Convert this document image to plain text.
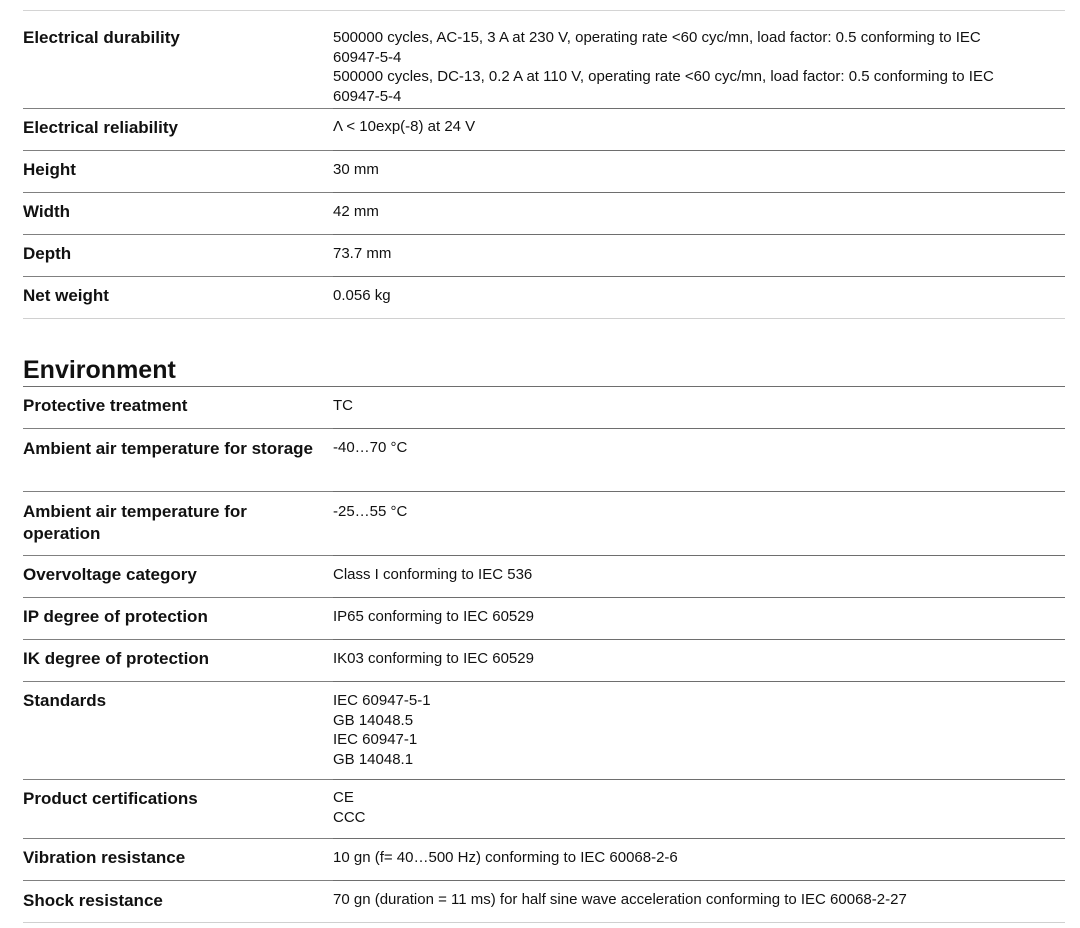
Electrical durability	500000 cycles, AC-15, 3 A at 230 V, operating rate <60 cyc/mn, load factor: 0.5 conforming to IEC
60947-5-4
500000 cycles, DC-13, 0.2 A at 110 V, operating rate <60 cyc/mn, load factor: 0.5 conforming to IEC
60947-5-4

Electrical reliability	Λ < 10exp(-8) at 24 V

Height	30 mm

Width	42 mm

Depth	73.7 mm

Net weight	0.056 kg
Environment
Protective treatment	TC

Ambient air temperature for storage	-40…70 °C

Ambient air temperature for operation	-25…55 °C

Overvoltage category	Class I conforming to IEC 536

IP degree of protection	IP65 conforming to IEC 60529

IK degree of protection	IK03 conforming to IEC 60529

Standards	IEC 60947-5-1
GB 14048.5
IEC 60947-1
GB 14048.1

Product certifications	CE
CCC

Vibration resistance	10 gn (f= 40…500 Hz) conforming to IEC 60068-2-6

Shock resistance	70 gn (duration = 11 ms) for half sine wave acceleration conforming to IEC 60068-2-27
